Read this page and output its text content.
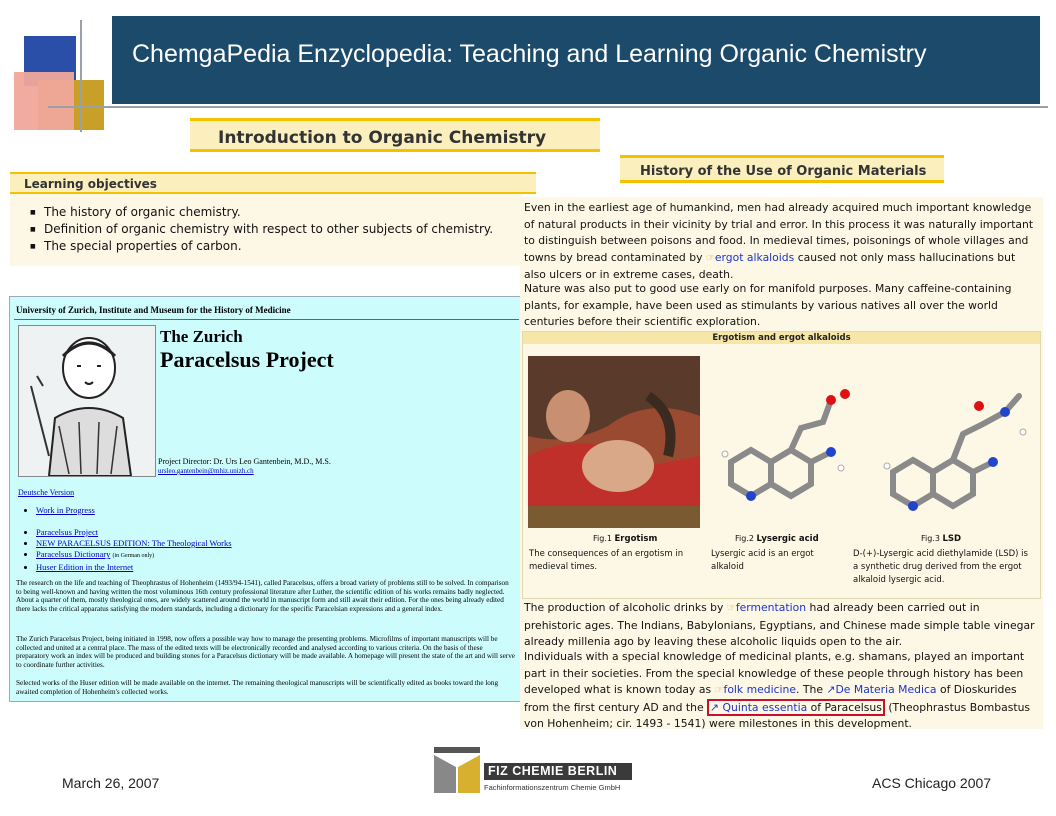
ChemgaPedia Enzyclopedia: Teaching and Learning Organic Chemistry
Introduction to Organic Chemistry
History of the Use of Organic Materials
Learning objectives
■ The history of organic chemistry.
■ Definition of organic chemistry with respect to other subjects of chemistry.
■ The special properties of carbon.
University of Zurich, Institute and Museum for the History of Medicine
The Zurich
Paracelsus Project
Project Director: Dr. Urs Leo Gantenbein, M.D., M.S.
ursleo.gantenbein@mhiz.unizh.ch
Deutsche Version
• Work in Progress
• Paracelsus Project
• NEW PARACELSUS EDITION: The Theological Works
• Paracelsus Dictionary (in German only)
• Huser Edition in the Internet

The research on the life and teaching of Theophrastus of Hohenheim (1493/94-1541), called Paracelsus, offers a broad variety of problems still to be solved. In comparison to being well-known and having written the most voluminous 16th century professional literature after Luther, the scientific edition of his works remains badly neglected. About a quarter of them, mostly theological ones, are widely scattered around the world in manuscript form and still await their edition. For the ones being already edited there lacks the critical apparatus satisfying the modern standards, including a dictionary for the specific Paracelsian expressions and a general index.

The Zurich Paracelsus Project, being initiated in 1998, now offers a possible way how to manage the presenting problems. Microfilms of important manuscripts will be collected and united at a central place. The mass of the edited texts will be electronically recorded and analysed according to various criteria. On the basis of these preparatory work an index will be produced and building stones for a Paracelsus dictionary will be made available. A homepage will present the state of the art and will serve to coordinate further activities.

Selected works of the Huser edition will be made available on the internet. The remaining theological manuscripts will be scientifically edited as books toward the long awaited completion of Hohenheim's collected works.

Even in the earliest age of humankind, men had already acquired much important knowledge of natural products in their vicinity by trial and error. In this process it was naturally important to distinguish between poisons and food. In medieval times, poisonings of whole villages and towns by bread contaminated by ☞ergot alkaloids caused not only mass hallucinations but also ulcers or in extreme cases, death.

Nature was also put to good use early on for manifold purposes. Many caffeine-containing plants, for example, have been used as stimulants by various natives all over the world centuries before their scientific exploration.

Ergotism and ergot alkaloids
Fig.1 Ergotism	Fig.2 Lysergic acid	Fig.3 LSD
The consequences of an ergotism in medieval times.
Lysergic acid is an ergot alkaloid
D-(+)-Lysergic acid diethylamide (LSD) is a synthetic drug derived from the ergot alkaloid lysergic acid.

The production of alcoholic drinks by ☞fermentation had already been carried out in prehistoric ages. The Indians, Babylonians, Egyptians, and Chinese made simple table vinegar already millenia ago by leaving these alcoholic liquids open to the air.

Individuals with a special knowledge of medicinal plants, e.g. shamans, played an important part in their societies. From the special knowledge of these people through history has been developed what is known today as ☞folk medicine. The ↗De Materia Medica of Dioskurides from the first century AD and the ↗ Quinta essentia of Paracelsus (Theophrastus Bombastus von Hohenheim; cir. 1493 - 1541) were milestones in this development.

March 26, 2007	ACS Chicago 2007
FIZ CHEMIE BERLIN
Fachinformationszentrum Chemie GmbH
